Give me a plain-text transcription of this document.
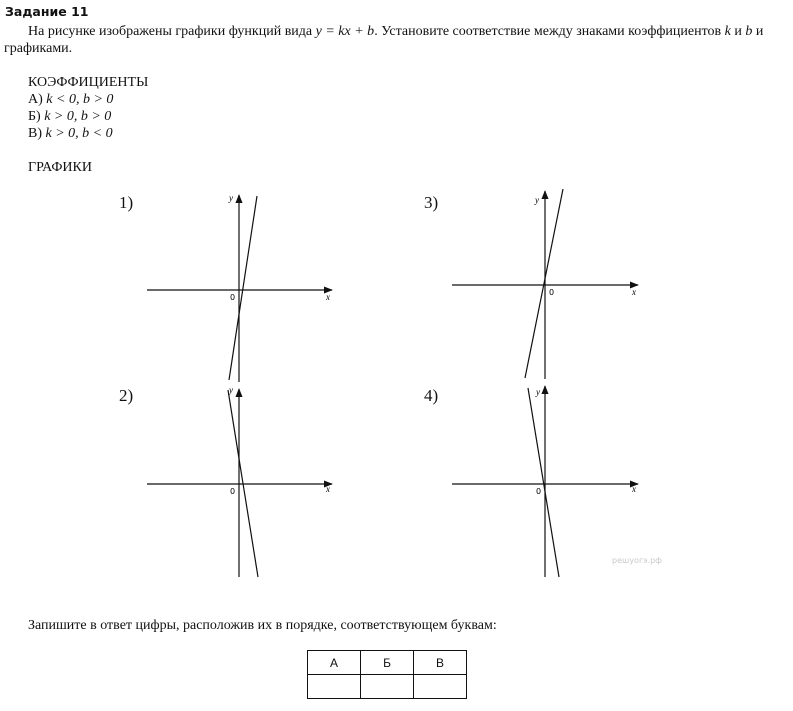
Задание 11
На рисунке изображены графики функций вида y = kx + b. Установите соответствие между знаками коэффициентов k и b и графиками.
КОЭФФИЦИЕНТЫ
А) k < 0, b > 0
Б) k > 0, b > 0
В) k > 0, b < 0
ГРАФИКИ
1)
2)
3)
4)
x
y
0
x
y
0
x
y
0
x
y
0
решуогэ.рф
Запишите в ответ цифры, расположив их в порядке, соответствующем буквам:
А	Б	В
